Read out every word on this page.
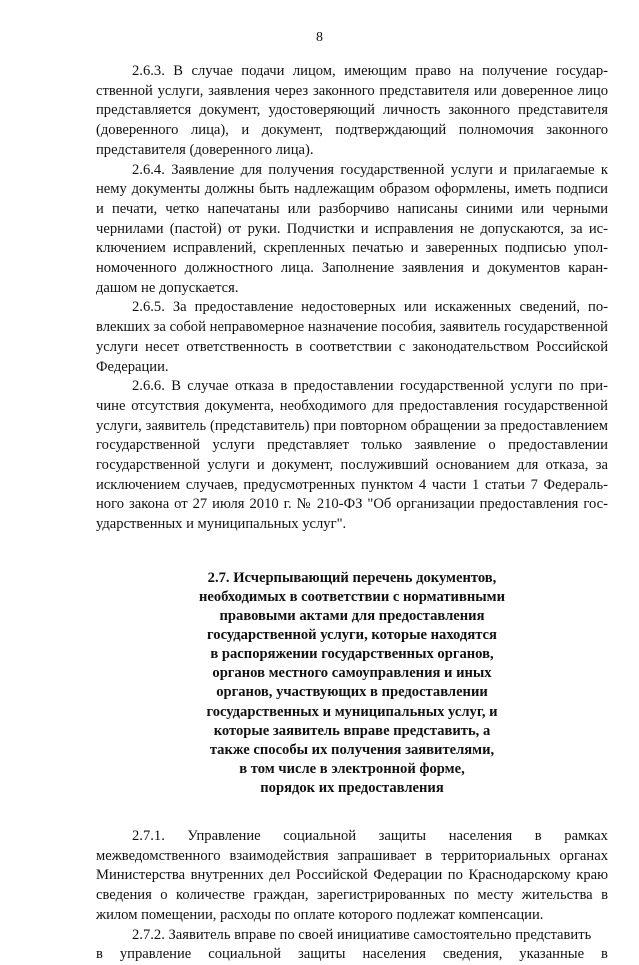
8

2.6.3. В случае подачи лицом, имеющим право на получение государственной услуги, заявления через законного представителя или доверенное лицо представляется документ, удостоверяющий личность законного представителя (доверенного лица), и документ, подтверждающий полномочия законного представителя (доверенного лица).

2.6.4. Заявление для получения государственной услуги и прилагаемые к нему документы должны быть надлежащим образом оформлены, иметь подписи и печати, четко напечатаны или разборчиво написаны синими или черными чернилами (пастой) от руки. Подчистки и исправления не допускаются, за исключением исправлений, скрепленных печатью и заверенных подписью уполномоченного должностного лица. Заполнение заявления и документов карандашом не допускается.

2.6.5. За предоставление недостоверных или искаженных сведений, повлекших за собой неправомерное назначение пособия, заявитель государственной услуги несет ответственность в соответствии с законодательством Российской Федерации.

2.6.6. В случае отказа в предоставлении государственной услуги по причине отсутствия документа, необходимого для предоставления государственной услуги, заявитель (представитель) при повторном обращении за предоставлением государственной услуги представляет только заявление о предоставлении государственной услуги и документ, послуживший основанием для отказа, за исключением случаев, предусмотренных пунктом 4 части 1 статьи 7 Федерального закона от 27 июля 2010 г. № 210-ФЗ "Об организации предоставления государственных и муниципальных услуг".

2.7. Исчерпывающий перечень документов,
необходимых в соответствии с нормативными
правовыми актами для предоставления
государственной услуги, которые находятся
в распоряжении государственных органов,
органов местного самоуправления и иных
органов, участвующих в предоставлении
государственных и муниципальных услуг, и
которые заявитель вправе представить, а
также способы их получения заявителями,
в том числе в электронной форме,
порядок их предоставления
2.7.1. Управление социальной защиты населения в рамках

межведомственного взаимодействия запрашивает в территориальных органах Министерства внутренних дел Российской Федерации по Краснодарскому краю сведения о количестве граждан, зарегистрированных по месту жительства в жилом помещении, расходы по оплате которого подлежат компенсации.

2.7.2. Заявитель вправе по своей инициативе самостоятельно представить

в управление социальной защиты населения сведения, указанные в
